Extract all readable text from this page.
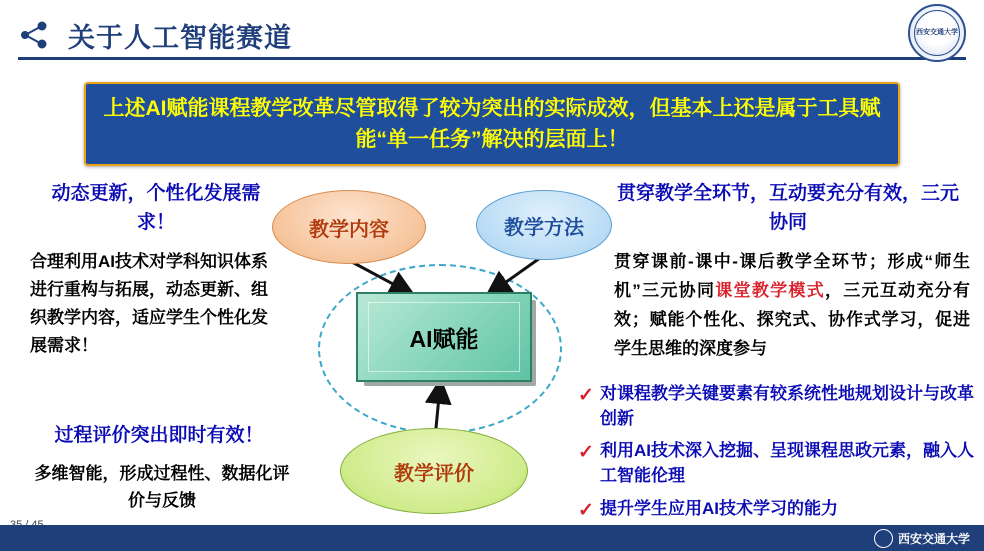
关于人工智能赛道	西安交通大学
上述AI赋能课程教学改革尽管取得了较为突出的实际成效，但基本上还是属于工具赋能“单一任务”解决的层面上！
动态更新，个性化发展需求！
合理利用AI技术对学科知识体系进行重构与拓展，动态更新、组织教学内容，适应学生个性化发展需求！
过程评价突出即时有效！
多维智能，形成过程性、数据化评价与反馈
教学内容	教学方法
教学评价
AI赋能
贯穿教学全环节，互动要充分有效，三元协同
贯穿课前-课中-课后教学全环节；形成“师生机”三元协同课堂教学模式，三元互动充分有效；赋能个性化、探究式、协作式学习，促进学生思维的深度参与
✓ 对课程教学关键要素有较系统性地规划设计与改革创新
✓ 利用AI技术深入挖掘、呈现课程思政元素，融入人工智能伦理
✓ 提升学生应用AI技术学习的能力
西安交通大学
